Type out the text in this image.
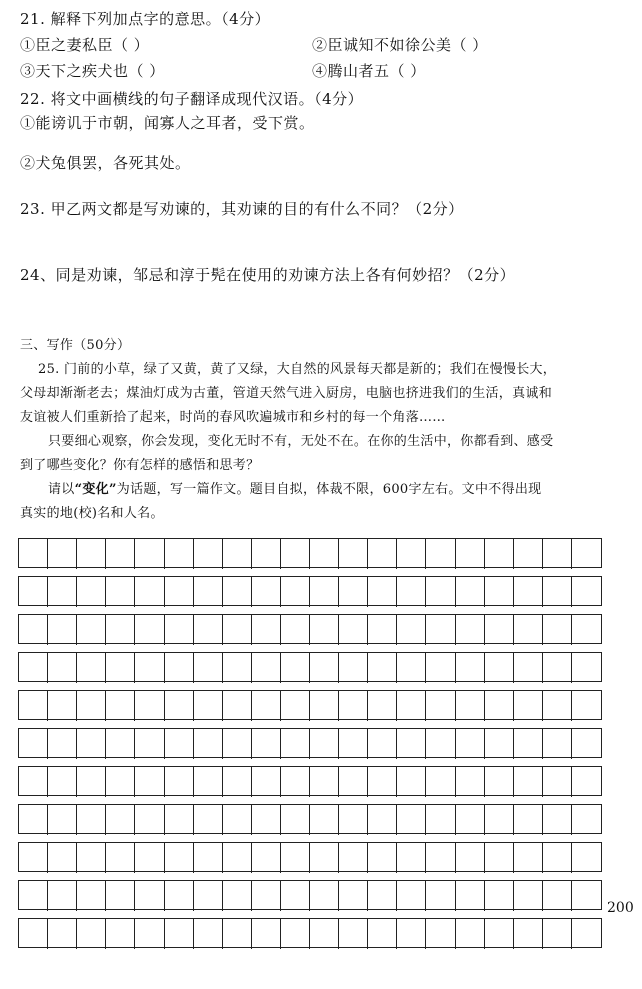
21. 解释下列加点字的意思。（4分）
①臣之妻私臣（ ）	②臣诚知不如徐公美（ ）
③天下之疾犬也（ ）	④腾山者五（ ）
22. 将文中画横线的句子翻译成现代汉语。（4分）
①能谤讥于市朝，闻寡人之耳者，受下赏。
②犬兔俱罢，各死其处。
23. 甲乙两文都是写劝谏的，其劝谏的目的有什么不同？（2分）
24、同是劝谏，邹忌和淳于髡在使用的劝谏方法上各有何妙招？（2分）
三、写作（50分）
25. 门前的小草，绿了又黄，黄了又绿，大自然的风景每天都是新的；我们在慢慢长大，
父母却渐渐老去；煤油灯成为古董，管道天然气进入厨房，电脑也挤进我们的生活，真诚和
友谊被人们重新拾了起来，时尚的春风吹遍城市和乡村的每一个角落……
只要细心观察，你会发现，变化无时不有，无处不在。在你的生活中，你都看到、感受
到了哪些变化？你有怎样的感悟和思考？
请以“变化”为话题，写一篇作文。题目自拟，体裁不限，600字左右。文中不得出现
真实的地(校)名和人名。
200
